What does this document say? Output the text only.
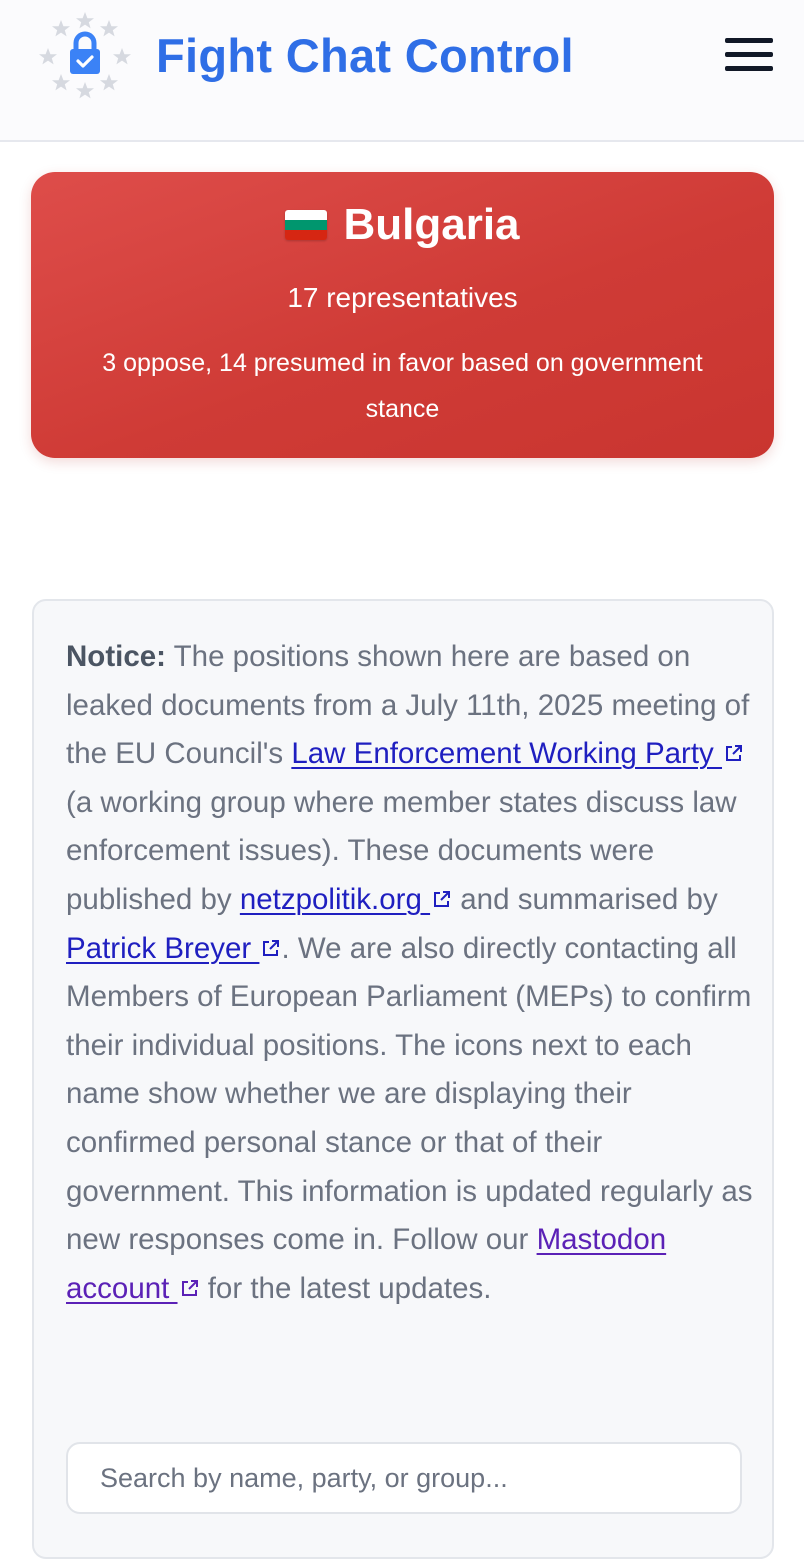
Fight Chat Control
Bulgaria
17 representatives
3 oppose, 14 presumed in favor based on government stance
Notice: The positions shown here are based on leaked documents from a July 11th, 2025 meeting of the EU Council's Law Enforcement Working Party  (a working group where member states discuss law enforcement issues). These documents were published by netzpolitik.org  and summarised by Patrick Breyer . We are also directly contacting all Members of European Parliament (MEPs) to confirm their individual positions. The icons next to each name show whether we are displaying their confirmed personal stance or that of their government. This information is updated regularly as new responses come in. Follow our Mastodon account  for the latest updates.
Search by name, party, or group...
